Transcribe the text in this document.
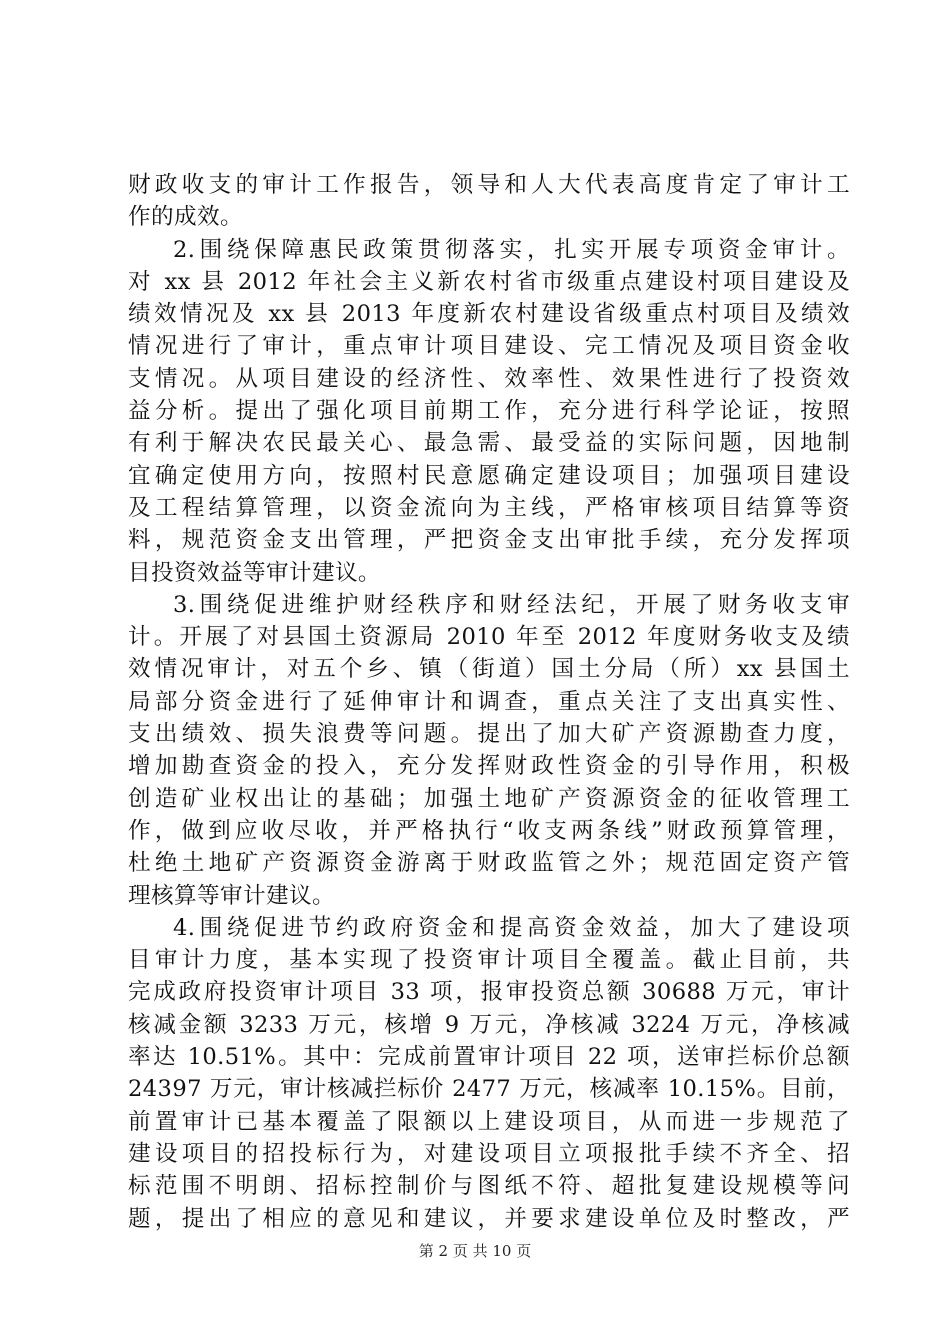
财政收支的审计工作报告，领导和人大代表高度肯定了审计工
作的成效。
2.围绕保障惠民政策贯彻落实，扎实开展专项资金审计。
对 xx 县 2012 年社会主义新农村省市级重点建设村项目建设及
绩效情况及 xx 县 2013 年度新农村建设省级重点村项目及绩效
情况进行了审计，重点审计项目建设、完工情况及项目资金收
支情况。从项目建设的经济性、效率性、效果性进行了投资效
益分析。提出了强化项目前期工作，充分进行科学论证，按照
有利于解决农民最关心、最急需、最受益的实际问题，因地制
宜确定使用方向，按照村民意愿确定建设项目；加强项目建设
及工程结算管理，以资金流向为主线，严格审核项目结算等资
料，规范资金支出管理，严把资金支出审批手续，充分发挥项
目投资效益等审计建议。
3.围绕促进维护财经秩序和财经法纪，开展了财务收支审
计。开展了对县国土资源局 2010 年至 2012 年度财务收支及绩
效情况审计，对五个乡、镇（街道）国土分局（所）xx 县国土
局部分资金进行了延伸审计和调查，重点关注了支出真实性、
支出绩效、损失浪费等问题。提出了加大矿产资源勘查力度，
增加勘查资金的投入，充分发挥财政性资金的引导作用，积极
创造矿业权出让的基础；加强土地矿产资源资金的征收管理工
作，做到应收尽收，并严格执行“收支两条线”财政预算管理，
杜绝土地矿产资源资金游离于财政监管之外；规范固定资产管
理核算等审计建议。
4.围绕促进节约政府资金和提高资金效益，加大了建设项
目审计力度，基本实现了投资审计项目全覆盖。截止目前，共
完成政府投资审计项目 33 项，报审投资总额 30688 万元，审计
核减金额 3233 万元，核增 9 万元，净核减 3224 万元，净核减
率达 10.51%。其中：完成前置审计项目 22 项，送审拦标价总额
24397 万元，审计核减拦标价 2477 万元，核减率 10.15%。目前，
前置审计已基本覆盖了限额以上建设项目，从而进一步规范了
建设项目的招投标行为，对建设项目立项报批手续不齐全、招
标范围不明朗、招标控制价与图纸不符、超批复建设规模等问
题，提出了相应的意见和建议，并要求建设单位及时整改，严
第 2 页 共 10 页
